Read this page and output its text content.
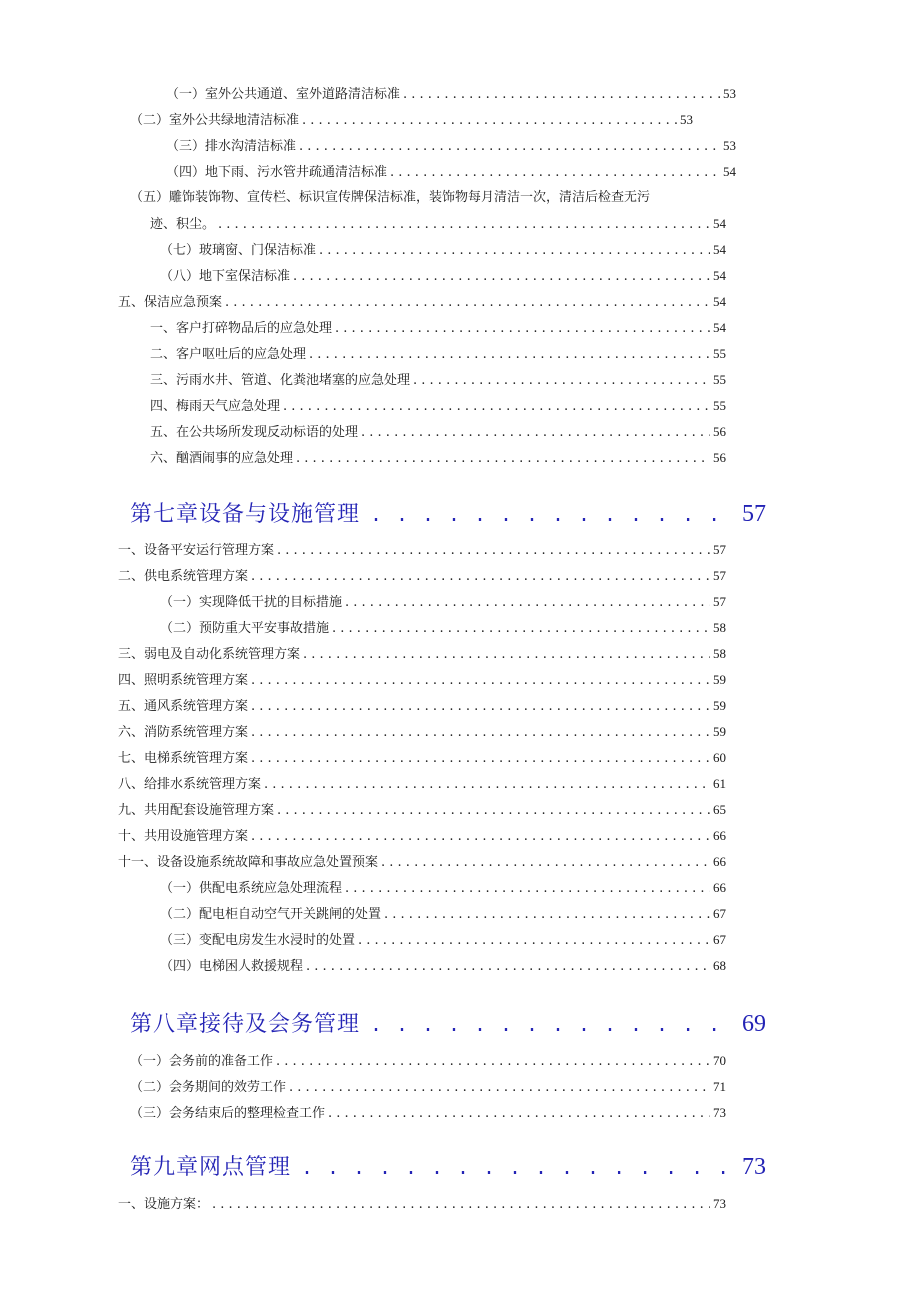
（一）室外公共通道、室外道路清洁标准 . . .	53
（二）室外公共绿地清洁标准 . . .	53
（三）排水沟清洁标准 . . .	53
（四）地下雨、污水管井疏通清洁标准 . . .	54
（五）雕饰装饰物、宣传栏、标识宣传牌保洁标准，装饰物每月清洁一次，清洁后检查无污
迹、积尘。 . . .	54
（七）玻璃窗、门保洁标准 . . .	54
（八）地下室保洁标准 . . .	54
五、保洁应急预案 . . .	54
一、客户打碎物品后的应急处理 . . .	54
二、客户呕吐后的应急处理 . . .	55
三、污雨水井、管道、化粪池堵塞的应急处理 . . .	55
四、梅雨天气应急处理 . . .	55
五、在公共场所发现反动标语的处理 . . .	56
六、酗酒闹事的应急处理 . . .	56
第七章设备与设施管理 . . .	57
一、设备平安运行管理方案 . . .	57
二、供电系统管理方案 . . .	57
（一）实现降低干扰的目标措施 . . .	57
（二）预防重大平安事故措施 . . .	58
三、弱电及自动化系统管理方案 . . .	58
四、照明系统管理方案 . . .	59
五、通风系统管理方案 . . .	59
六、消防系统管理方案 . . .	59
七、电梯系统管理方案 . . .	60
八、给排水系统管理方案 . . .	61
九、共用配套设施管理方案 . . .	65
十、共用设施管理方案 . . .	66
十一、设备设施系统故障和事故应急处置预案 . . .	66
（一）供配电系统应急处理流程 . . .	66
（二）配电柜自动空气开关跳闸的处置 . . .	67
（三）变配电房发生水浸时的处置 . . .	67
（四）电梯困人救援规程 . . .	68
第八章接待及会务管理 . . .	69
（一）会务前的准备工作 . . .	70
（二）会务期间的效劳工作 . . .	71
（三）会务结束后的整理检查工作 . . .	73
第九章网点管理 . . .	73
一、设施方案： . . .	73
